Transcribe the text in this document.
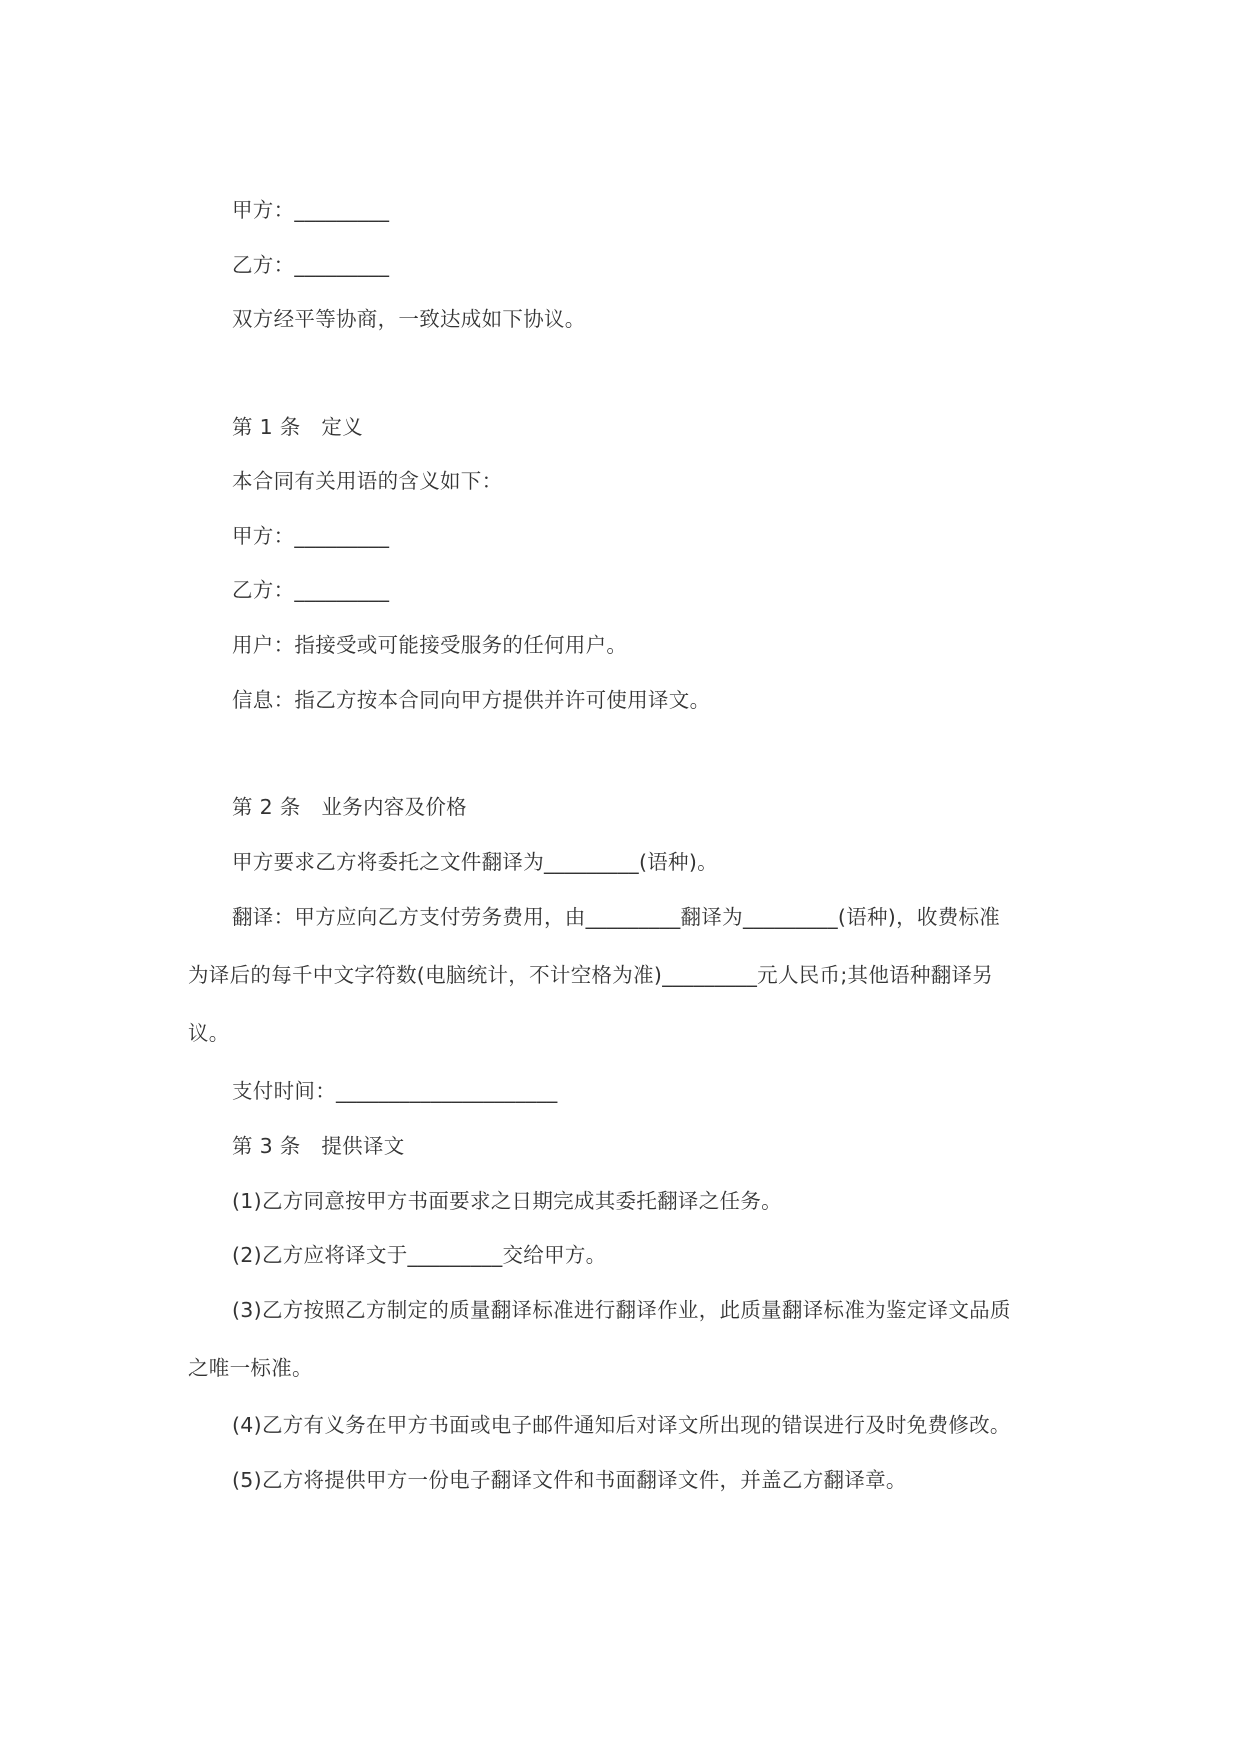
甲方：_________
乙方：_________
双方经平等协商，一致达成如下协议。
第 1 条　定义
本合同有关用语的含义如下：
甲方：_________
乙方：_________
用户：指接受或可能接受服务的任何用户。
信息：指乙方按本合同向甲方提供并许可使用译文。
第 2 条　业务内容及价格
甲方要求乙方将委托之文件翻译为_________(语种)。
翻译：甲方应向乙方支付劳务费用，由_________翻译为_________(语种)，收费标准
为译后的每千中文字符数(电脑统计，不计空格为准)_________元人民币;其他语种翻译另
议。
支付时间：_____________________
第 3 条　提供译文
(1)乙方同意按甲方书面要求之日期完成其委托翻译之任务。
(2)乙方应将译文于_________交给甲方。
(3)乙方按照乙方制定的质量翻译标准进行翻译作业，此质量翻译标准为鉴定译文品质
之唯一标准。
(4)乙方有义务在甲方书面或电子邮件通知后对译文所出现的错误进行及时免费修改。
(5)乙方将提供甲方一份电子翻译文件和书面翻译文件，并盖乙方翻译章。
